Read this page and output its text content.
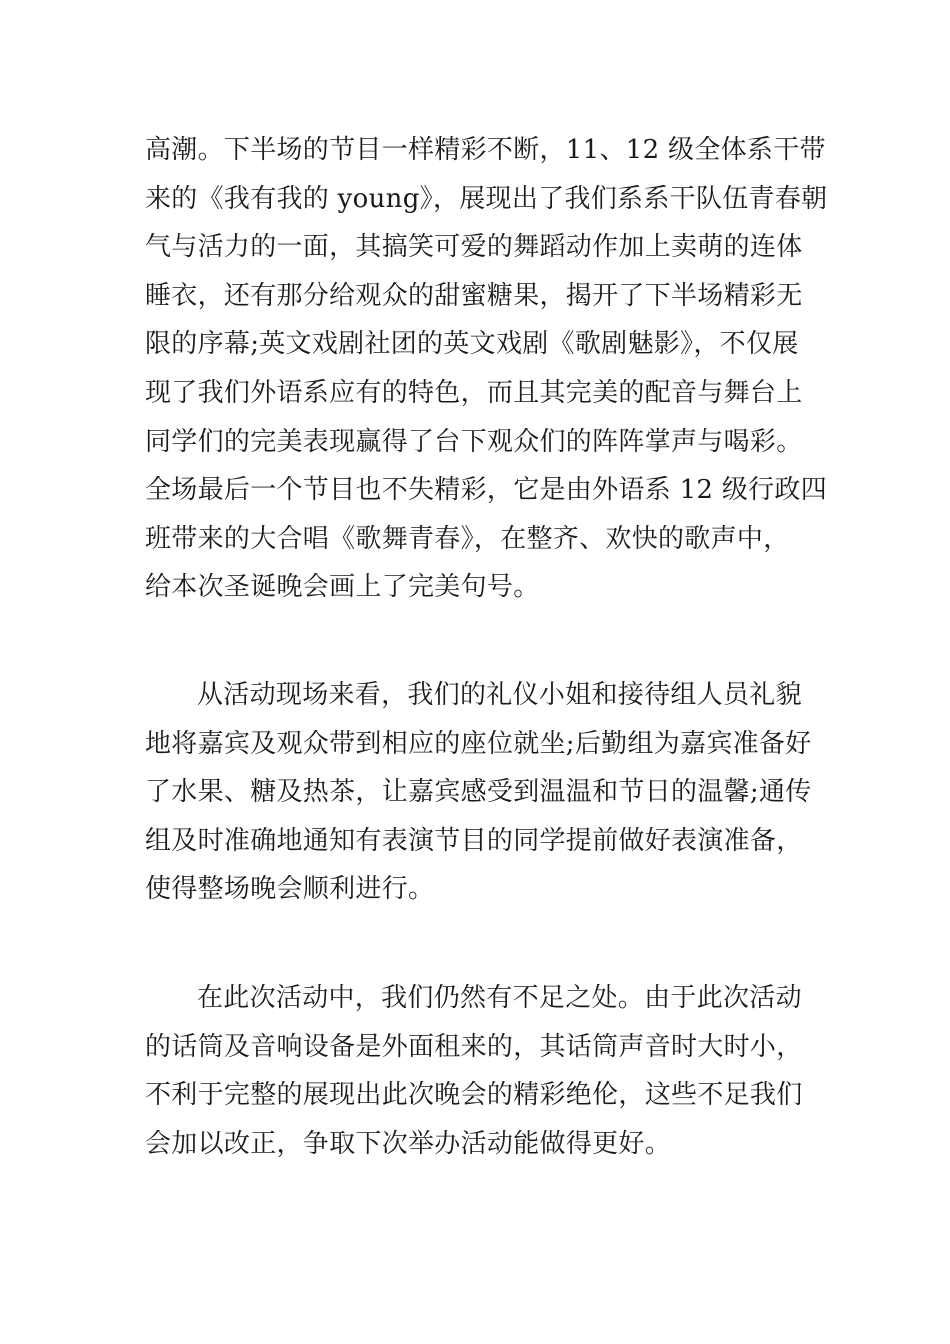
高潮。下半场的节目一样精彩不断，11、12 级全体系干带
来的《我有我的 young》，展现出了我们系系干队伍青春朝
气与活力的一面，其搞笑可爱的舞蹈动作加上卖萌的连体
睡衣，还有那分给观众的甜蜜糖果，揭开了下半场精彩无
限的序幕;英文戏剧社团的英文戏剧《歌剧魅影》，不仅展
现了我们外语系应有的特色，而且其完美的配音与舞台上
同学们的完美表现赢得了台下观众们的阵阵掌声与喝彩。
全场最后一个节目也不失精彩，它是由外语系 12 级行政四
班带来的大合唱《歌舞青春》，在整齐、欢快的歌声中，
给本次圣诞晚会画上了完美句号。
从活动现场来看，我们的礼仪小姐和接待组人员礼貌
地将嘉宾及观众带到相应的座位就坐;后勤组为嘉宾准备好
了水果、糖及热茶，让嘉宾感受到温温和节日的温馨;通传
组及时准确地通知有表演节目的同学提前做好表演准备，
使得整场晚会顺利进行。
在此次活动中，我们仍然有不足之处。由于此次活动
的话筒及音响设备是外面租来的，其话筒声音时大时小，
不利于完整的展现出此次晚会的精彩绝伦，这些不足我们
会加以改正，争取下次举办活动能做得更好。
